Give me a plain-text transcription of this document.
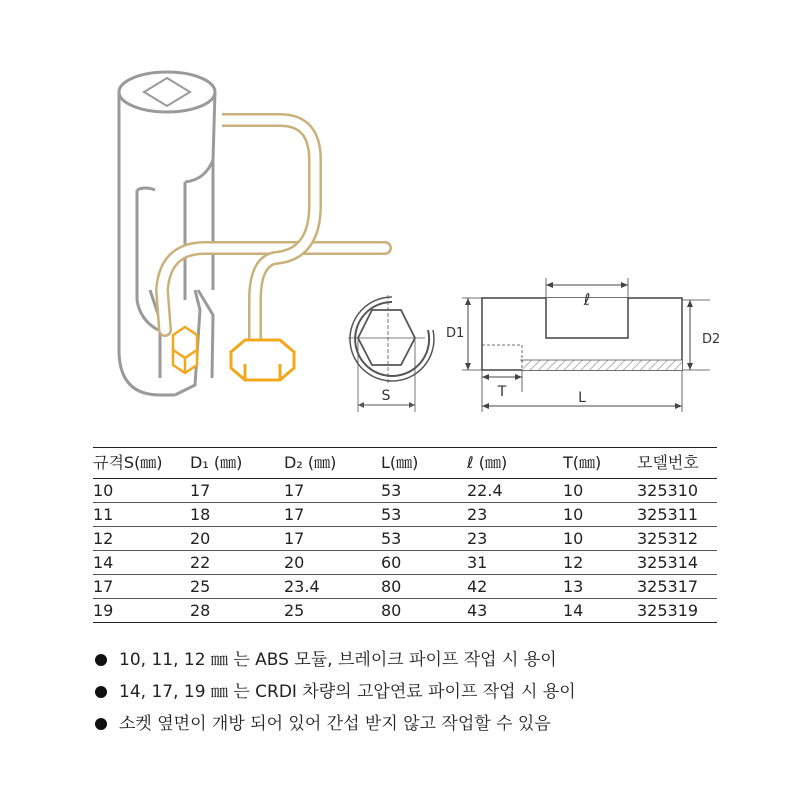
S
D1	D2
ℓ
T	L
규격S(㎜)	D₁ (㎜)	D₂ (㎜)	L(㎜)	ℓ (㎜)	T(㎜)	모델번호
10	17	17	53	22.4	10	325310
11	18	17	53	23	10	325311
12	20	17	53	23	10	325312
14	22	20	60	31	12	325314
17	25	23.4	80	42	13	325317
19	28	25	80	43	14	325319
10, 11, 12 ㎜ 는 ABS 모듈, 브레이크 파이프 작업 시 용이
14, 17, 19 ㎜ 는 CRDI 차량의 고압연료 파이프 작업 시 용이
소켓 옆면이 개방 되어 있어 간섭 받지 않고 작업할 수 있음
